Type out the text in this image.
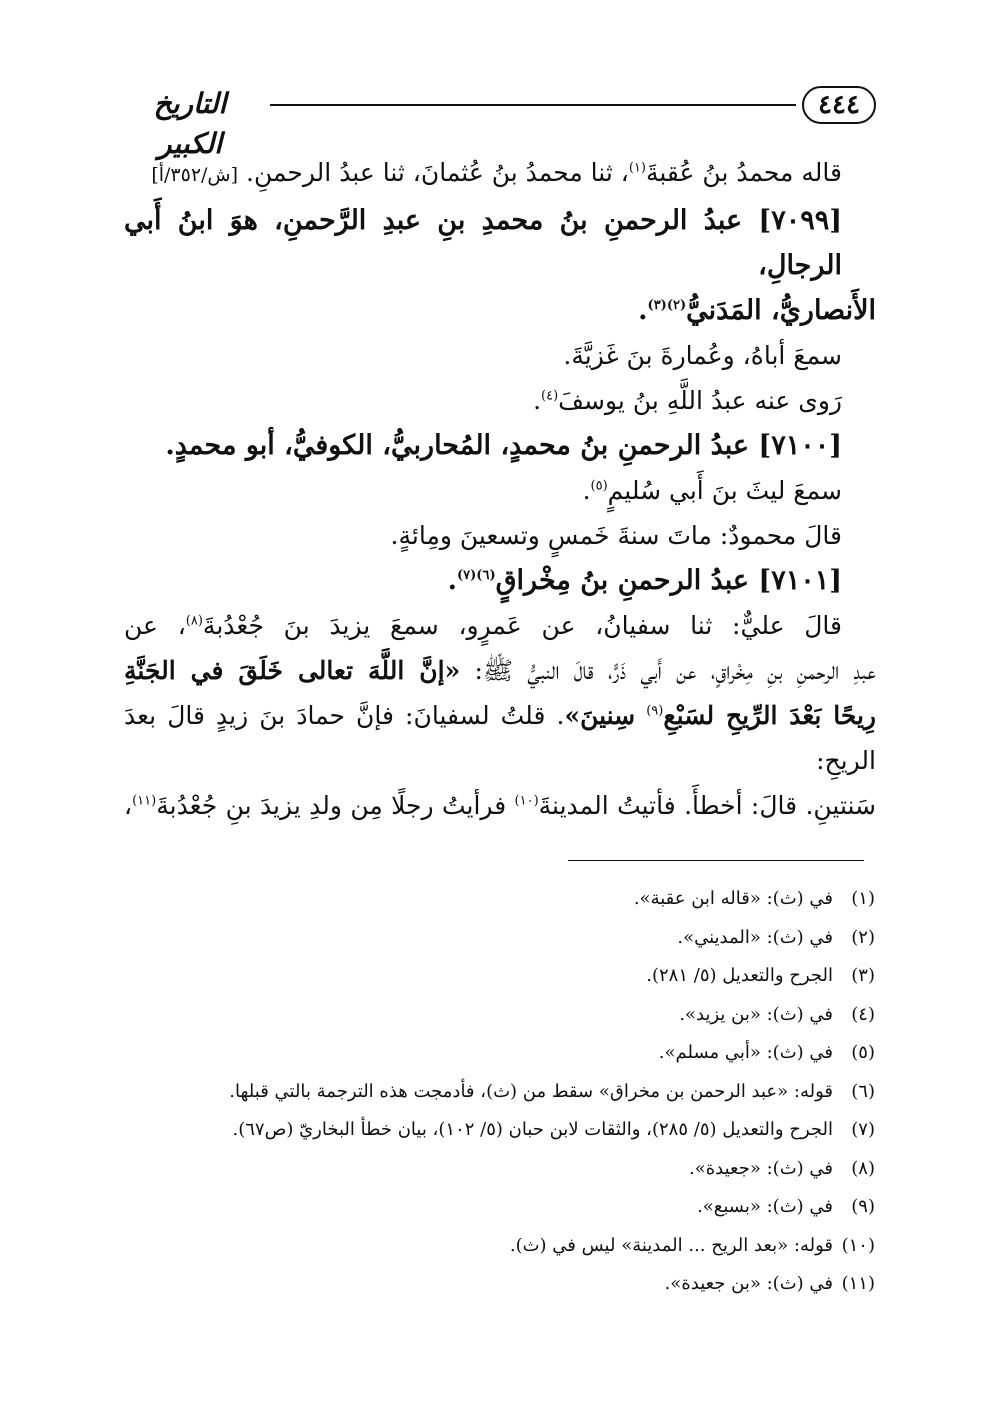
٤٤٤
التاريخ الكبير

قاله محمدُ بنُ عُقبةَ$^{(١)}$، ثنا محمدُ بنُ عُثمانَ، ثنا عبدُ الرحمنِ. [ش/٣٥٢/أ]

[٧٠٩٩] عبدُ الرحمنِ بنُ محمدِ بنِ عبدِ الرَّحمنِ، هوَ ابنُ أَبي الرجالِ،

الأَنصاريُّ، المَدَنيُّ$^{(٢)(٣)}$.

سمعَ أباهُ، وعُمارةَ بنَ غَزيَّةَ.

رَوى عنه عبدُ اللَّهِ بنُ يوسفَ$^{(٤)}$.

[٧١٠٠] عبدُ الرحمنِ بنُ محمدٍ، المُحاربيُّ، الكوفيُّ، أبو محمدٍ.

سمعَ ليثَ بنَ أَبي سُليمٍ$^{(٥)}$.

قالَ محمودٌ: ماتَ سنةَ خَمسٍ وتسعينَ ومِائةٍ.

[٧١٠١] عبدُ الرحمنِ بنُ مِخْراقٍ$^{(٦)(٧)}$.

قالَ عليٌّ: ثنا سفيانُ، عن عَمرٍو، سمعَ يزيدَ بنَ جُعْدُبةَ$^{(٨)}$، عن

عبدِ الرحمنِ بنِ مِخْراقٍ، عن أَبي ذَرٍّ، قالَ النبيُّ ﷺ: «إنَّ اللَّهَ تعالى خَلَقَ في الجَنَّةِ

رِيحًا بَعْدَ الرِّيحِ لسَبْعِ$^{(٩)}$ سِنينَ». قلتُ لسفيانَ: فإنَّ حمادَ بنَ زيدٍ قالَ بعدَ الريحِ:

سَنتينِ. قالَ: أخطأَ. فأتيتُ المدينةَ$^{(١٠)}$ فرأيتُ رجلًا مِن ولدِ يزيدَ بنِ جُعْدُبةَ$^{(١١)}$،

(١)في (ث): «قاله ابن عقبة».
(٢)في (ث): «المديني».
(٣)الجرح والتعديل (٥/ ٢٨١).
(٤)في (ث): «بن يزيد».
(٥)في (ث): «أبي مسلم».
(٦)قوله: «عبد الرحمن بن مخراق» سقط من (ث)، فأدمجت هذه الترجمة بالتي قبلها.
(٧)الجرح والتعديل (٥/ ٢٨٥)، والثقات لابن حبان (٥/ ١٠٢)، بيان خطأ البخاريّ (ص٦٧).
(٨)في (ث): «جعيدة».
(٩)في (ث): «بسبع».
(١٠)قوله: «بعد الريح ... المدينة» ليس في (ث).
(١١)في (ث): «بن جعيدة».
